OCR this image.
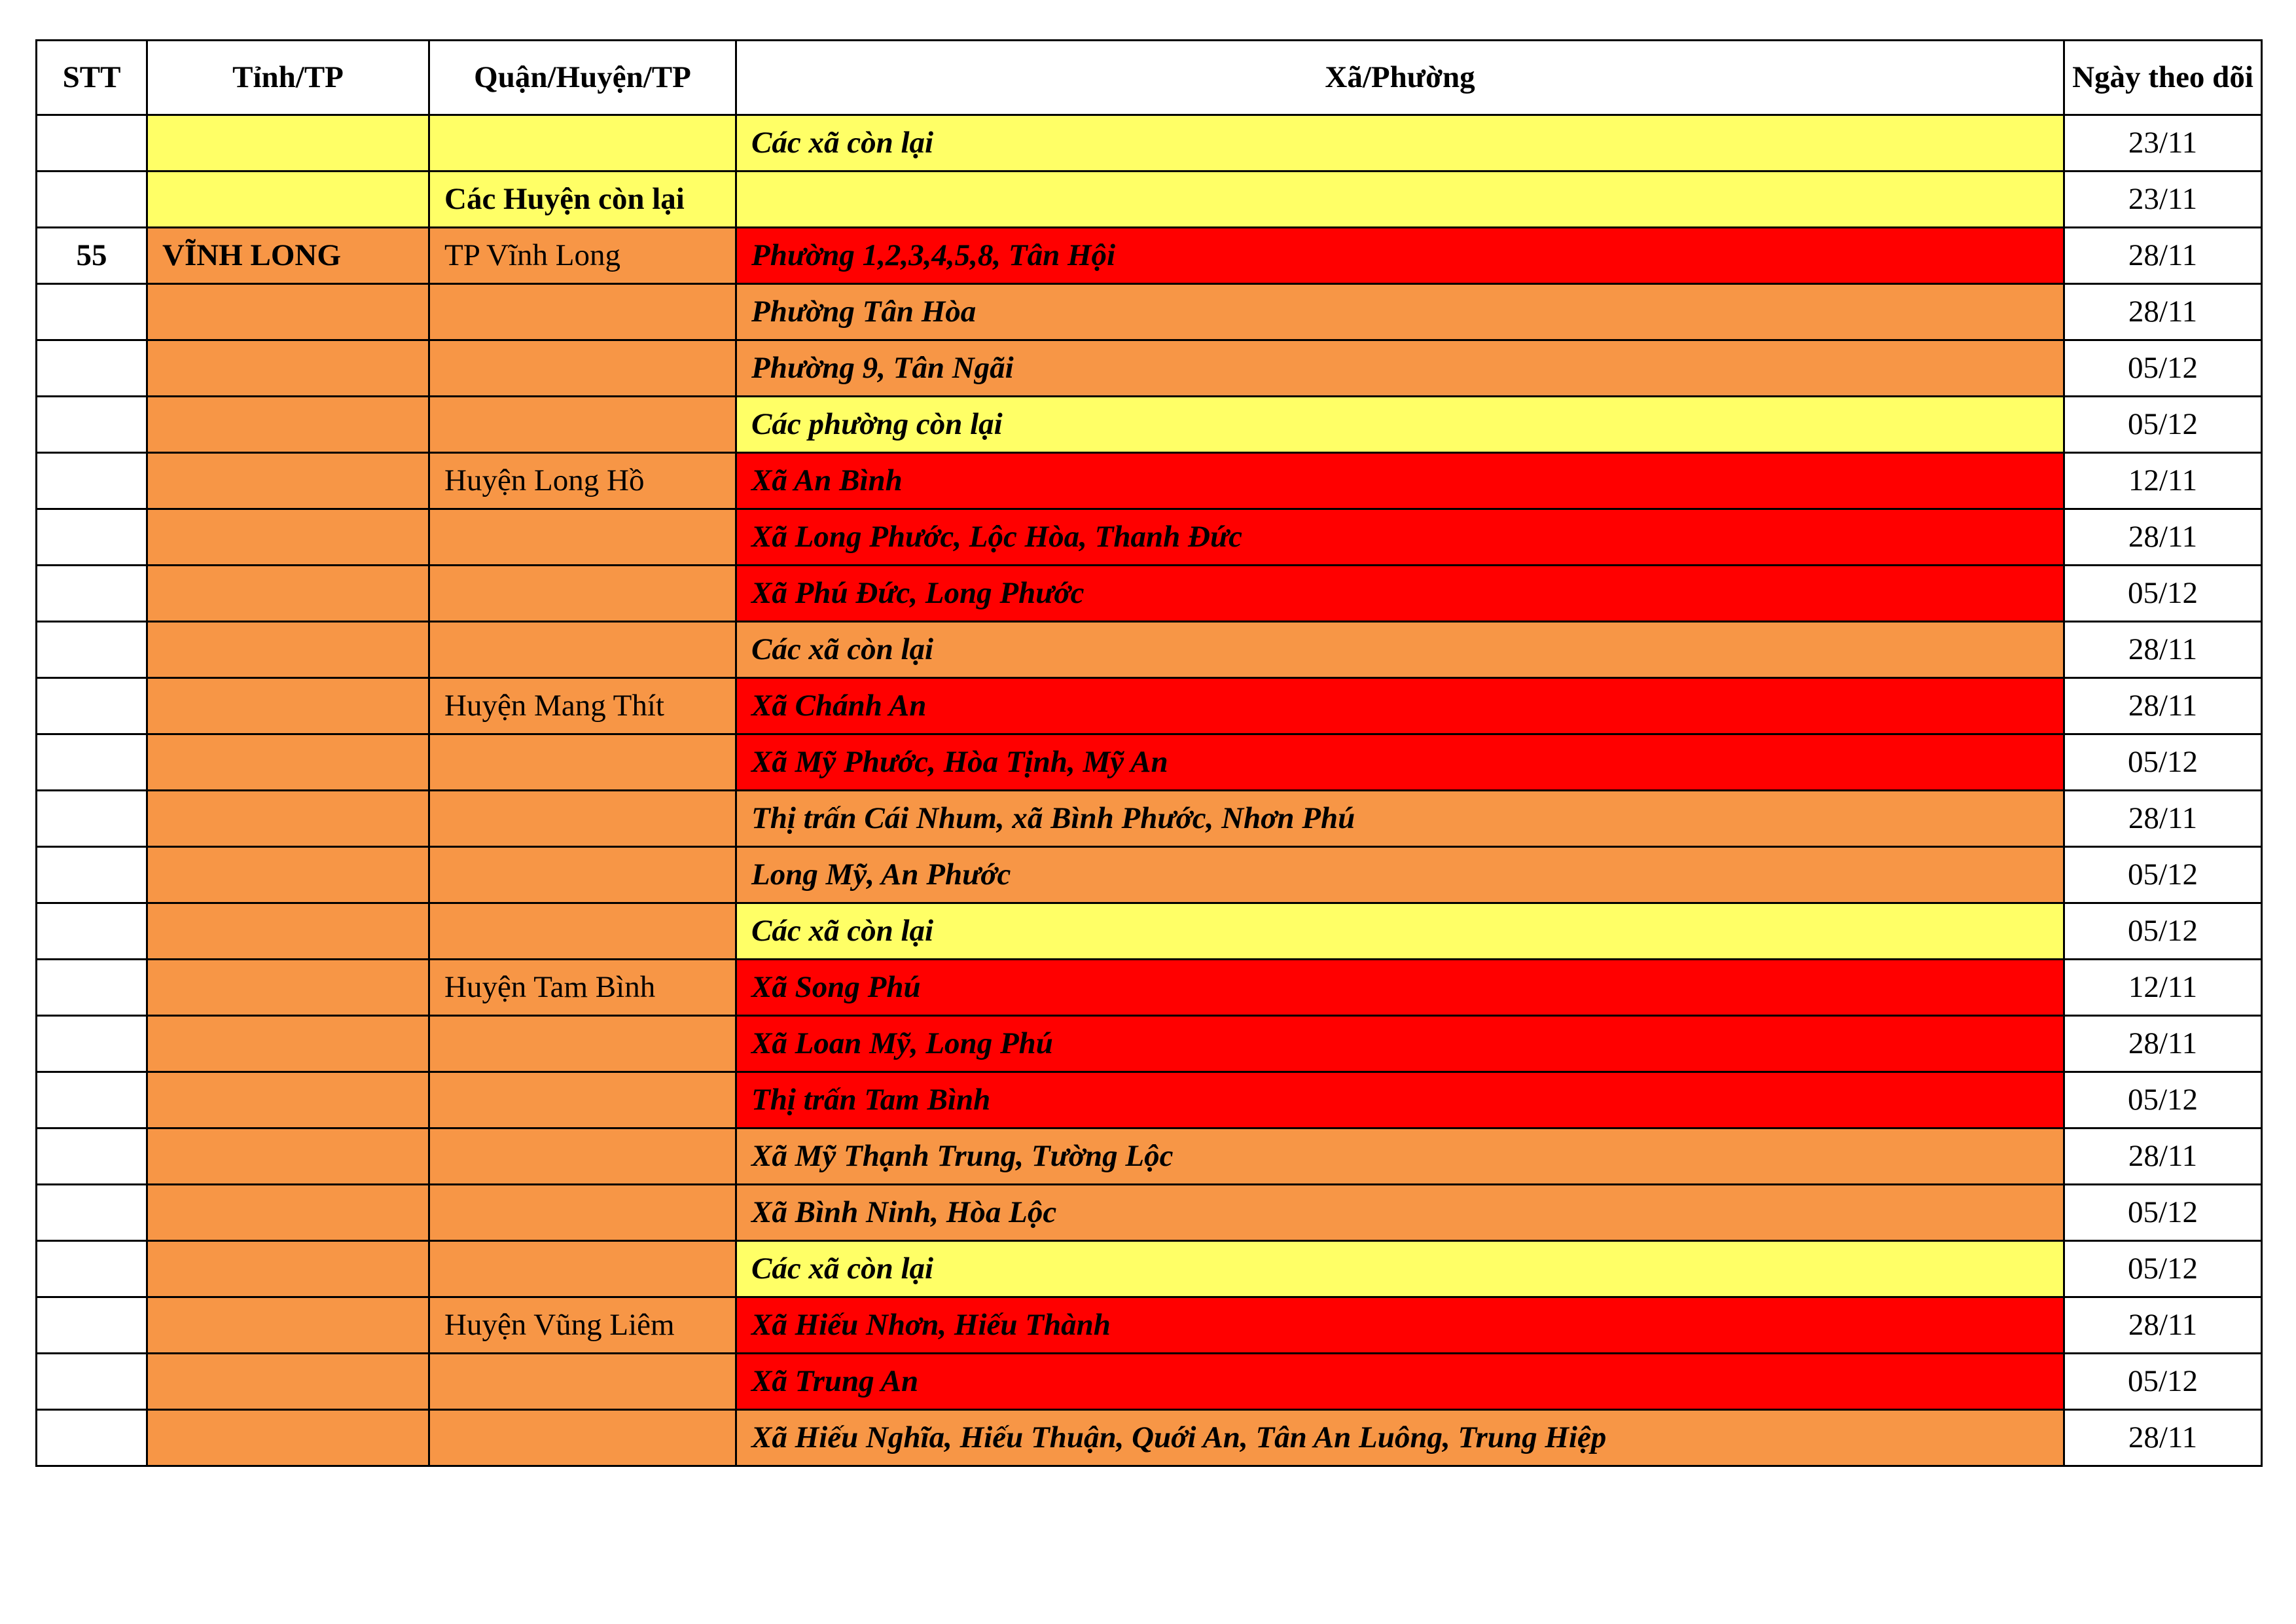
STT	Tỉnh/TP	Quận/Huyện/TP	Xã/Phường	Ngày theo dõi
			Các xã còn lại	23/11
		Các Huyện còn lại		23/11
55	VĨNH LONG	TP Vĩnh Long	Phường 1,2,3,4,5,8, Tân Hội	28/11
			Phường Tân Hòa	28/11
			Phường 9, Tân Ngãi	05/12
			Các phường còn lại	05/12
		Huyện Long Hồ	Xã An Bình	12/11
			Xã Long Phước, Lộc Hòa, Thanh Đức	28/11
			Xã Phú Đức, Long Phước	05/12
			Các xã còn lại	28/11
		Huyện Mang Thít	Xã Chánh An	28/11
			Xã Mỹ Phước, Hòa Tịnh, Mỹ An	05/12
			Thị trấn Cái Nhum, xã Bình Phước, Nhơn Phú	28/11
			Long Mỹ, An Phước	05/12
			Các xã còn lại	05/12
		Huyện Tam Bình	Xã Song Phú	12/11
			Xã Loan Mỹ, Long Phú	28/11
			Thị trấn Tam Bình	05/12
			Xã Mỹ Thạnh Trung, Tường Lộc	28/11
			Xã Bình Ninh, Hòa Lộc	05/12
			Các xã còn lại	05/12
		Huyện Vũng Liêm	Xã Hiếu Nhơn, Hiếu Thành	28/11
			Xã Trung An	05/12
			Xã Hiếu Nghĩa, Hiếu Thuận, Quới An, Tân An Luông, Trung Hiệp	28/11
